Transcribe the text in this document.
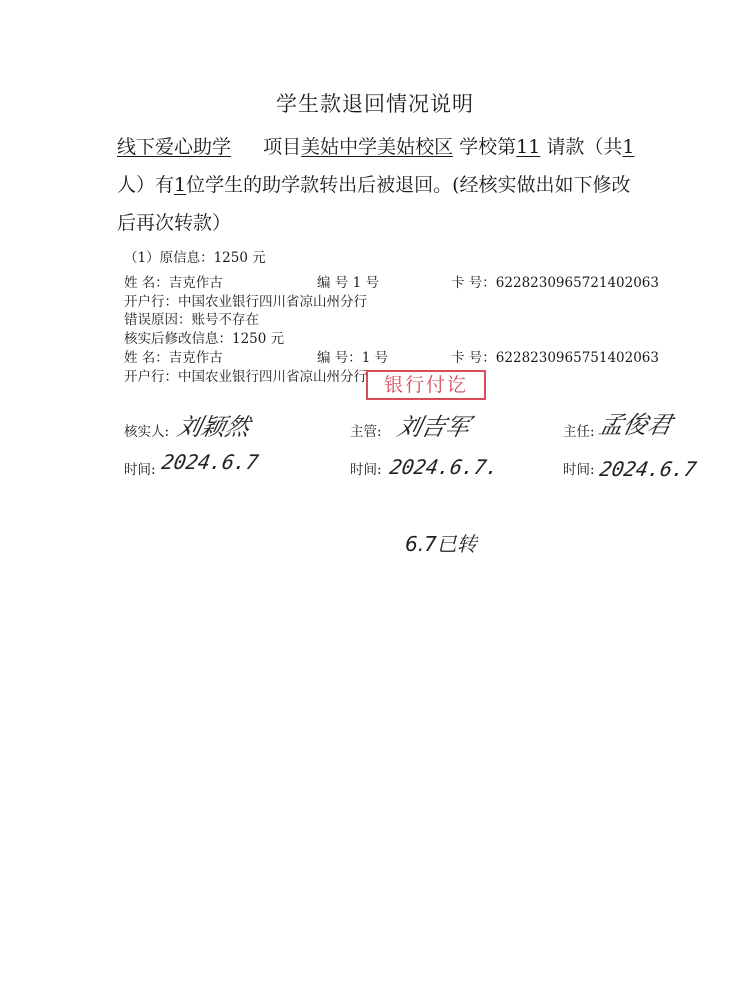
学生款退回情况说明
线下爱心助学 项目美姑中学美姑校区 学校第11 请款（共1
人）有1位学生的助学款转出后被退回。(经核实做出如下修改
后再次转款）
（1）原信息：1250 元
姓 名：吉克作古	编 号 1 号	卡 号：6228230965721402063
开户行：中国农业银行四川省凉山州分行
错误原因：账号不存在
核实后修改信息：1250 元
姓 名：吉克作古	编 号：1 号	卡 号：6228230965751402063
开户行：中国农业银行四川省凉山州分行 银行付讫
核实人: 刘颖然	主管: 刘吉军	主任: 孟俊君
时间: 2024.6.7	时间: 2024.6.7.	时间: 2024.6.7
6.7已转
